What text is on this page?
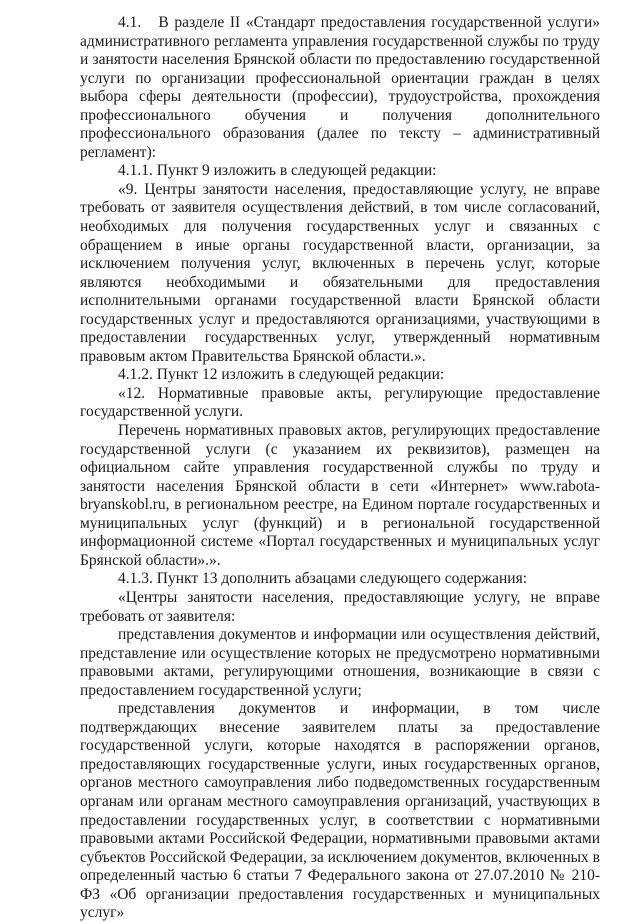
4.1.   В разделе II «Стандарт предоставления государственной услуги» административного регламента управления государственной службы по труду и занятости населения Брянской области по предоставлению государственной услуги по организации профессиональной ориентации граждан в целях выбора сферы деятельности (профессии), трудоустройства, прохождения профессионального обучения и получения дополнительного профессионального образования (далее по тексту – административный регламент):

4.1.1. Пункт 9 изложить в следующей редакции:

«9. Центры занятости населения, предоставляющие услугу, не вправе требовать от заявителя осуществления действий, в том числе согласований, необходимых для получения государственных услуг и связанных с обращением в иные органы государственной власти, организации, за исключением получения услуг, включенных в перечень услуг, которые являются необходимыми и обязательными для предоставления исполнительными органами государственной власти Брянской области государственных услуг и предоставляются организациями, участвующими в предоставлении государственных услуг, утвержденный нормативным правовым актом Правительства Брянской области.».

4.1.2. Пункт 12 изложить в следующей редакции:

«12. Нормативные правовые акты, регулирующие предоставление государственной услуги.

Перечень нормативных правовых актов, регулирующих предоставление государственной услуги (с указанием их реквизитов), размещен на официальном сайте управления государственной службы по труду и занятости населения Брянской области в сети «Интернет» www.rabota-bryanskobl.ru, в региональном реестре, на Едином портале государственных и муниципальных услуг (функций) и в региональной государственной информационной системе «Портал государственных и муниципальных услуг Брянской области».».

4.1.3. Пункт 13 дополнить абзацами следующего содержания:

«Центры занятости населения, предоставляющие услугу, не вправе требовать от заявителя:

представления документов и информации или осуществления действий, представление или осуществление которых не предусмотрено нормативными правовыми актами, регулирующими отношения, возникающие в связи с предоставлением государственной услуги;

представления документов и информации, в том числе подтверждающих внесение заявителем платы за предоставление государственной услуги, которые находятся в распоряжении органов, предоставляющих государственные услуги, иных государственных органов, органов местного самоуправления либо подведомственных государственным органам или органам местного самоуправления организаций, участвующих в предоставлении государственных услуг, в соответствии с нормативными правовыми актами Российской Федерации, нормативными правовыми актами субъектов Российской Федерации, за исключением документов, включенных в определенный частью 6 статьи 7 Федерального закона от 27.07.2010 № 210-ФЗ «Об организации предоставления государственных и муниципальных услуг»
